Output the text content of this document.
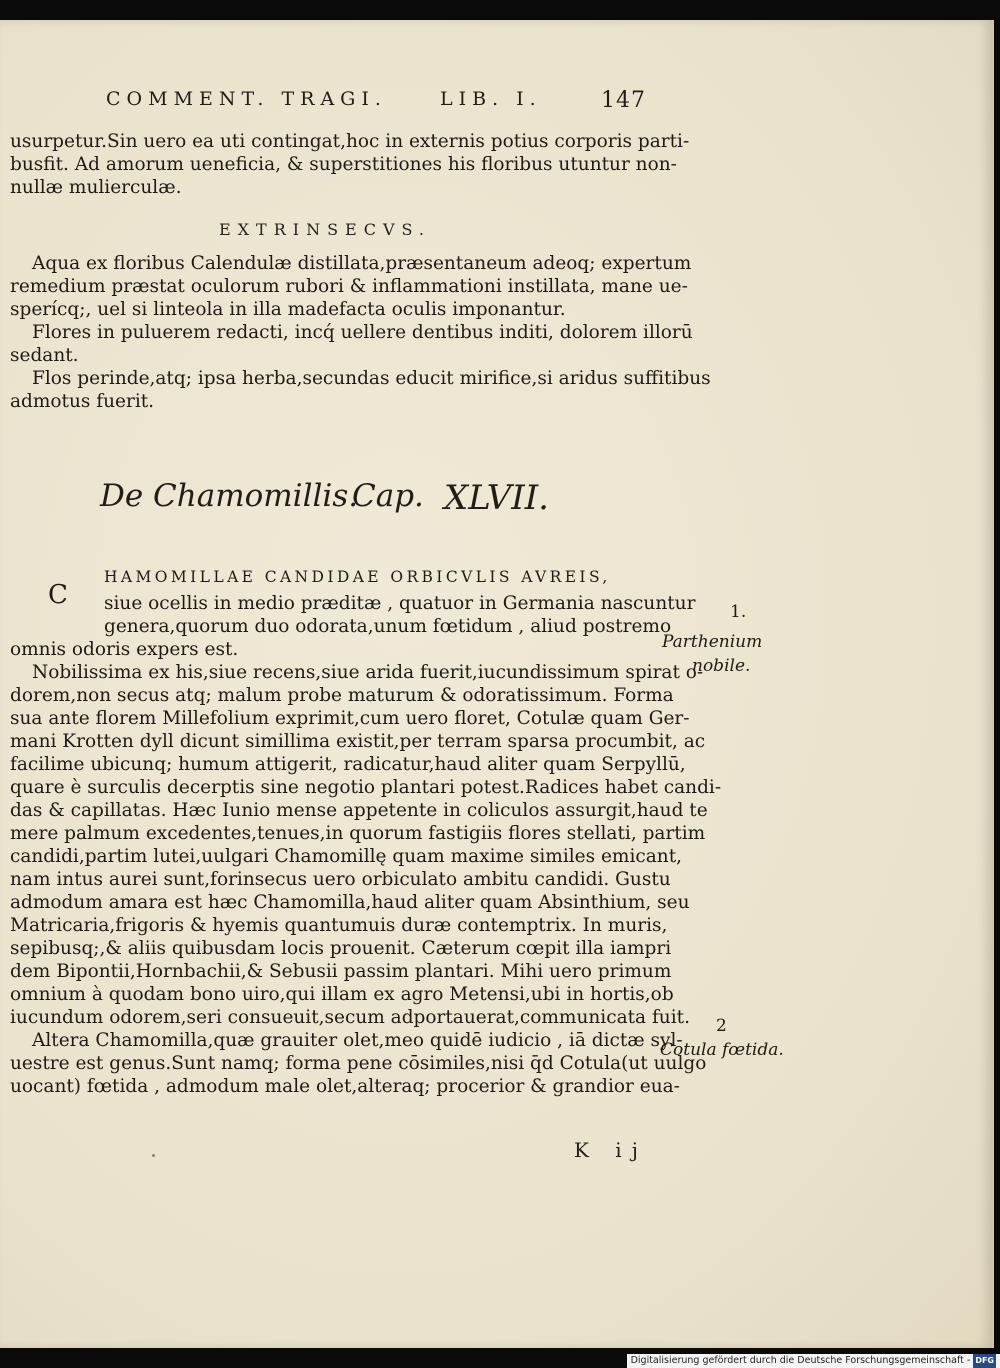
COMMENT. TRAGI.	LIB. I.	147
usurpetur.Sin uero ea uti contingat,hoc in externis potius corporis parti-
busfit. Ad amorum ueneficia, & superstitiones his floribus utuntur non-
nullæ mulierculæ.
EXTRINSECVS.
Aqua ex floribus Calendulæ distillata,præsentaneum adeoq; expertum
remedium præstat oculorum rubori & inflammationi instillata, mane ue-
sperícq;, uel si linteola in illa madefacta oculis imponantur.
Flores in puluerem redacti, incq́ uellere dentibus inditi, dolorem illorū
sedant.
Flos perinde,atq; ipsa herba,secundas educit mirifice,si aridus suffitibus
admotus fuerit.
De Chamomillis.
Cap. XLVII.
C
HAMOMILLAE CANDIDAE ORBICVLIS AVREIS,
siue ocellis in medio præditæ , quatuor in Germania nascuntur
genera,quorum duo odorata,unum fœtidum , aliud postremo
omnis odoris expers est.
Nobilissima ex his,siue recens,siue arida fuerit,iucundissimum spirat o-
dorem,non secus atq; malum probe maturum & odoratissimum. Forma
sua ante florem Millefolium exprimit,cum uero floret, Cotulæ quam Ger-
mani Krotten dyll dicunt simillima existit,per terram sparsa procumbit, ac
facilime ubicunq; humum attigerit, radicatur,haud aliter quam Serpyllū,
quare è surculis decerptis sine negotio plantari potest.Radices habet candi-
das & capillatas. Hæc Iunio mense appetente in coliculos assurgit,haud te
mere palmum excedentes,tenues,in quorum fastigiis flores stellati, partim
candidi,partim lutei,uulgari Chamomillę quam maxime similes emicant,
nam intus aurei sunt,forinsecus uero orbiculato ambitu candidi. Gustu
admodum amara est hæc Chamomilla,haud aliter quam Absinthium, seu
Matricaria,frigoris & hyemis quantumuis duræ contemptrix. In muris,
sepibusq;,& aliis quibusdam locis prouenit. Cæterum cœpit illa iampri
dem Bipontii,Hornbachii,& Sebusii passim plantari. Mihi uero primum
omnium à quodam bono uiro,qui illam ex agro Metensi,ubi in hortis,ob
iucundum odorem,seri consueuit,secum adportauerat,communicata fuit.
Altera Chamomilla,quæ grauiter olet,meo quidē iudicio , iā dictæ syl-
uestre est genus.Sunt namq; forma pene cōsimiles,nisi q̄d Cotula(ut uulgo
uocant) fœtida , admodum male olet,alteraq; procerior & grandior eua-
1.
Parthenium
nobile.
2
Cotula fœtida.
K ij
Digitalisierung gefördert durch die Deutsche Forschungsgemeinschaft - DFG
